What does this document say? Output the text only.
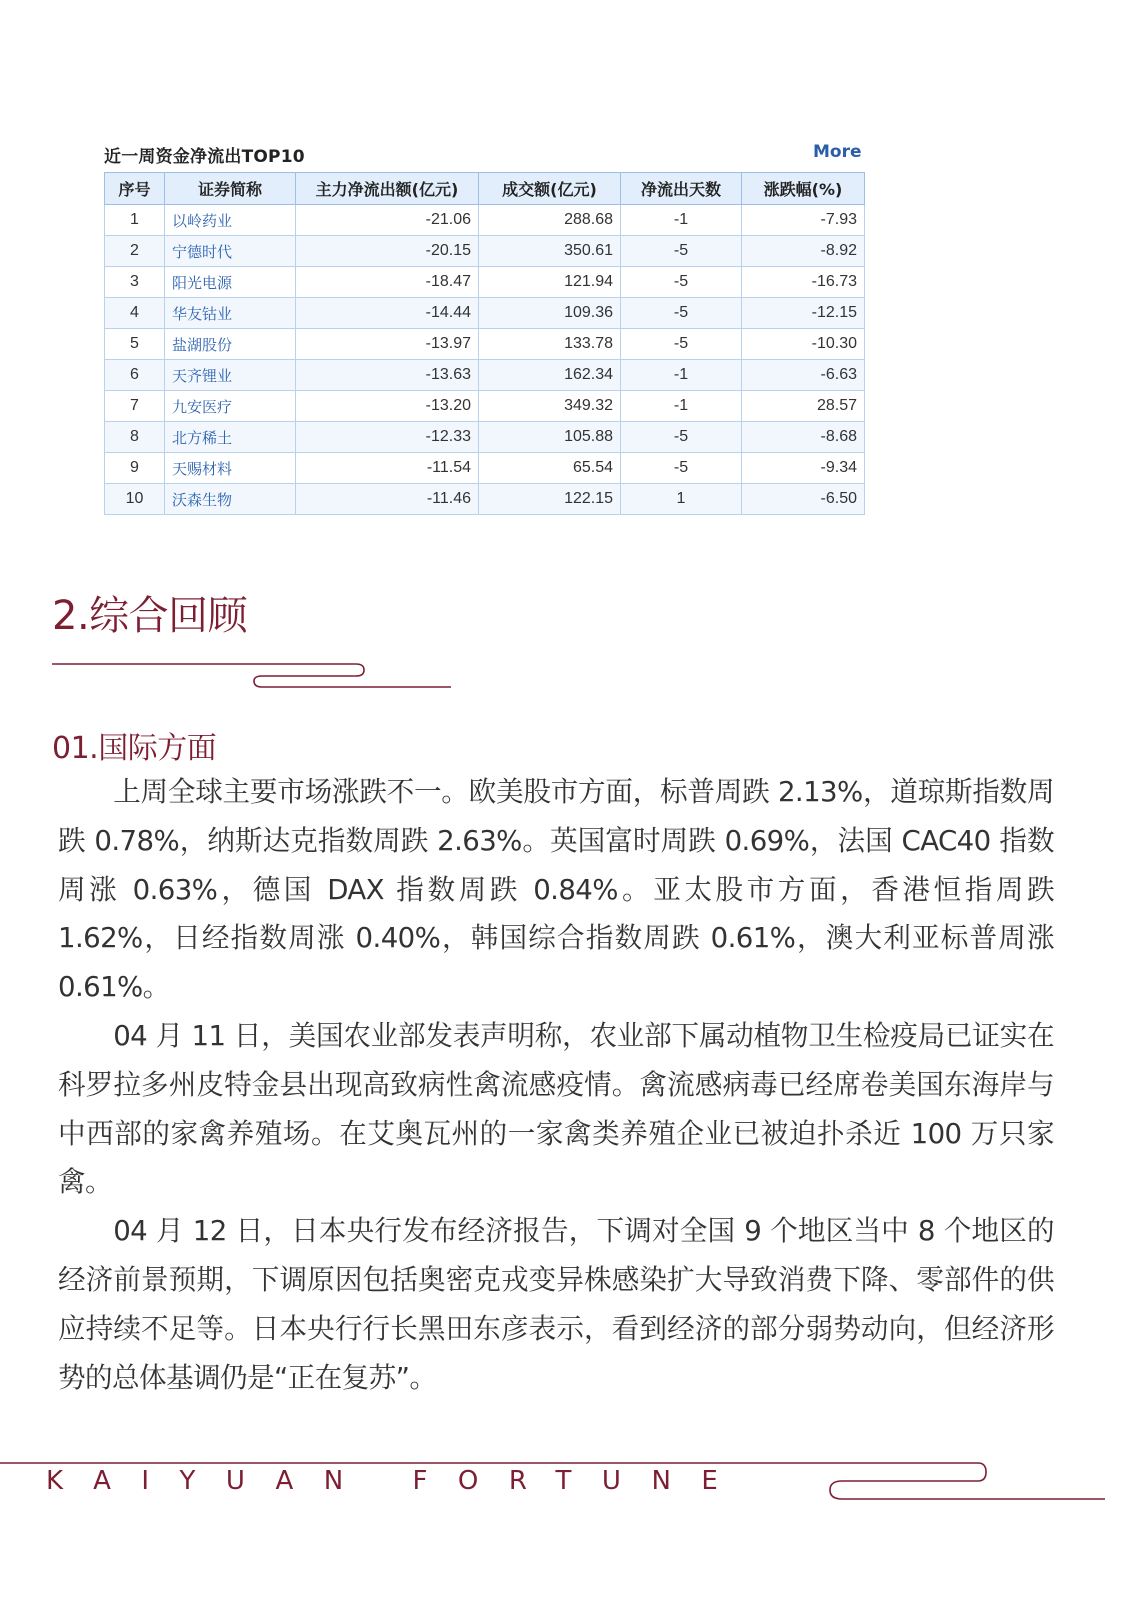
近一周资金净流出TOP10	More
序号	证券简称	主力净流出额(亿元)	成交额(亿元)	净流出天数	涨跌幅(%)
1	以岭药业	-21.06	288.68	-1	-7.93
2	宁德时代	-20.15	350.61	-5	-8.92
3	阳光电源	-18.47	121.94	-5	-16.73
4	华友钴业	-14.44	109.36	-5	-12.15
5	盐湖股份	-13.97	133.78	-5	-10.30
6	天齐锂业	-13.63	162.34	-1	-6.63
7	九安医疗	-13.20	349.32	-1	28.57
8	北方稀土	-12.33	105.88	-5	-8.68
9	天赐材料	-11.54	65.54	-5	-9.34
10	沃森生物	-11.46	122.15	1	-6.50
2.综合回顾
01.国际方面

上周全球主要市场涨跌不一。欧美股市方面，标普周跌 2.13%，道琼斯指数周跌 0.78%，纳斯达克指数周跌 2.63%。英国富时周跌 0.69%，法国 CAC40 指数周涨 0.63%，德国 DAX 指数周跌 0.84%。亚太股市方面，香港恒指周跌 1.62%，日经指数周涨 0.40%，韩国综合指数周跌 0.61%，澳大利亚标普周涨 0.61%。

04 月 11 日，美国农业部发表声明称，农业部下属动植物卫生检疫局已证实在科罗拉多州皮特金县出现高致病性禽流感疫情。禽流感病毒已经席卷美国东海岸与中西部的家禽养殖场。在艾奥瓦州的一家禽类养殖企业已被迫扑杀近 100 万只家禽。

04 月 12 日，日本央行发布经济报告，下调对全国 9 个地区当中 8 个地区的经济前景预期，下调原因包括奥密克戎变异株感染扩大导致消费下降、零部件的供应持续不足等。日本央行行长黑田东彦表示，看到经济的部分弱势动向，但经济形势的总体基调仍是“正在复苏”。

KAIYUAN FORTUNE
